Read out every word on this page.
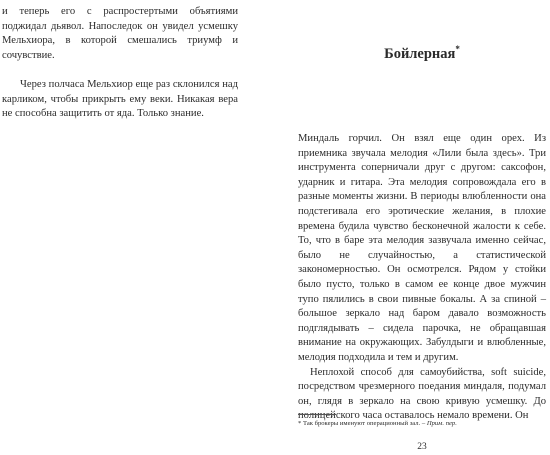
и теперь его с распростертыми объятиями поджидал дьявол. Напоследок он увидел усмешку Мельхиора, в которой смешались триумф и сочувствие.

Через полчаса Мельхиор еще раз склонился над карликом, чтобы прикрыть ему веки. Никакая вера не способна защитить от яда. Только знание.

Бойлерная*

Миндаль горчил. Он взял еще один орех. Из приемника звучала мелодия «Лили была здесь». Три инструмента соперничали друг с другом: саксофон, ударник и гитара. Эта мелодия сопровождала его в разные моменты жизни. В периоды влюбленности она подстегивала его эротические желания, в плохие времена будила чувство бесконечной жалости к себе. То, что в баре эта мелодия зазвучала именно сейчас, было не случайностью, а статистической закономерностью. Он осмотрелся. Рядом у стойки было пусто, только в самом ее конце двое мужчин тупо пялились в свои пивные бокалы. А за спиной – большое зеркало над баром давало возможность подглядывать – сидела парочка, не обращавшая внимание на окружающих. Забулдыги и влюбленные, мелодия подходила и тем и другим.

Неплохой способ для самоубийства, soft suicide, посредством чрезмерного поедания миндаля, подумал он, глядя в зеркало на свою кривую усмешку. До полицейского часа оставалось немало времени. Он

* Так брокеры именуют операционный зал. – Прим. пер.

23
